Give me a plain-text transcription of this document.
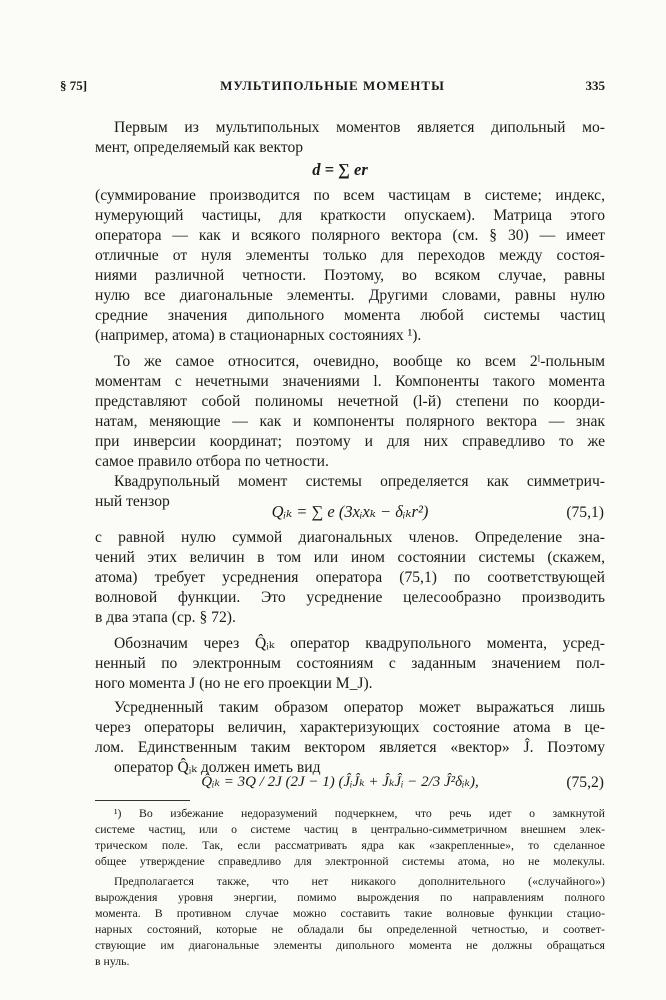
§ 75]	МУЛЬТИПОЛЬНЫЕ МОМЕНТЫ	335
Первым из мультипольных моментов является дипольный мо-
мент, определяемый как вектор
d = ∑ er
(суммирование производится по всем частицам в системе; индекс,
нумерующий частицы, для краткости опускаем). Матрица этого
оператора — как и всякого полярного вектора (см. § 30) — имеет
отличные от нуля элементы только для переходов между состоя-
ниями различной четности. Поэтому, во всяком случае, равны
нулю все диагональные элементы. Другими словами, равны нулю
средние значения дипольного момента любой системы частиц
(например, атома) в стационарных состояниях ¹).
То же самое относится, очевидно, вообще ко всем 2ˡ-польным
моментам с нечетными значениями l. Компоненты такого момента
представляют собой полиномы нечетной (l-й) степени по коорди-
натам, меняющие — как и компоненты полярного вектора — знак
при инверсии координат; поэтому и для них справедливо то же
самое правило отбора по четности.
Квадрупольный момент системы определяется как симметрич-
ный тензор
Qᵢₖ = ∑ e (3xᵢxₖ − δᵢₖr²)	(75,1)
с равной нулю суммой диагональных членов. Определение зна-
чений этих величин в том или ином состоянии системы (скажем,
атома) требует усреднения оператора (75,1) по соответствующей
волновой функции. Это усреднение целесообразно производить
в два этапа (ср. § 72).
Обозначим через Q̂ᵢₖ оператор квадрупольного момента, усред-
ненный по электронным состояниям с заданным значением пол-
ного момента J (но не его проекции M_J).
Усредненный таким образом оператор может выражаться лишь
через операторы величин, характеризующих состояние атома в це-
лом. Единственным таким вектором является «вектор» Ĵ. Поэтому
оператор Q̂ᵢₖ должен иметь вид
Q̂ᵢₖ = 3Q / 2J (2J − 1) (ĴᵢĴₖ + ĴₖĴᵢ − 2/3 Ĵ²δᵢₖ),	(75,2)
¹) Во избежание недоразумений подчеркнем, что речь идет о замкнутой
системе частиц, или о системе частиц в центрально-симметричном внешнем элек-
трическом поле. Так, если рассматривать ядра как «закрепленные», то сделанное
общее утверждение справедливо для электронной системы атома, но не молекулы.
Предполагается также, что нет никакого дополнительного («случайного»)
вырождения уровня энергии, помимо вырождения по направлениям полного
момента. В противном случае можно составить такие волновые функции стацио-
нарных состояний, которые не обладали бы определенной четностью, и соответ-
ствующие им диагональные элементы дипольного момента не должны обращаться
в нуль.
